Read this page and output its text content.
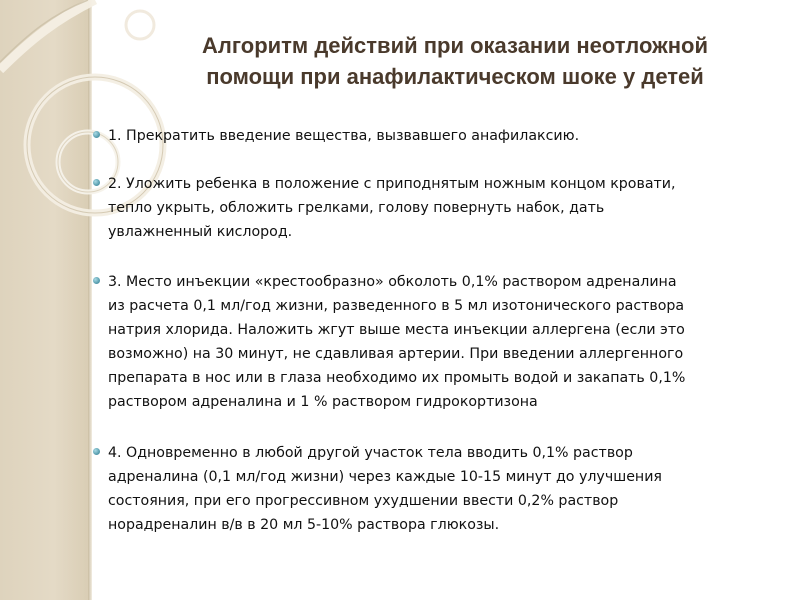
Алгоритм действий при оказании неотложной
помощи при анафилактическом шоке у детей
1. Прекратить введение вещества, вызвавшего анафилаксию.
2. Уложить ребенка в положение с приподнятым ножным концом кровати,
тепло укрыть, обложить грелками, голову повернуть набок, дать
увлажненный кислород.
3. Место инъекции «крестообразно» обколоть 0,1% раствором адреналина
из расчета 0,1 мл/год жизни, разведенного в 5 мл изотонического раствора
натрия хлорида. Наложить жгут выше места инъекции аллергена (если это
возможно) на 30 минут, не сдавливая артерии. При введении аллергенного
препарата в нос или в глаза необходимо их промыть водой и закапать 0,1%
раствором адреналина и 1 % раствором гидрокортизона
4. Одновременно в любой другой участок тела вводить 0,1% раствор
адреналина (0,1 мл/год жизни) через каждые 10-15 минут до улучшения
состояния, при его прогрессивном ухудшении ввести 0,2% раствор
норадреналин в/в в 20 мл 5-10% раствора глюкозы.
